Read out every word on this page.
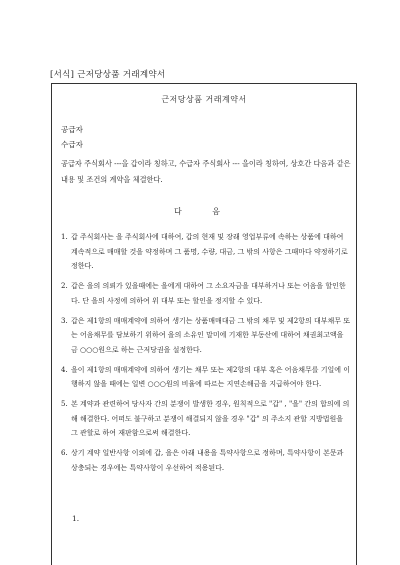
[서식] 근저당상품 거래계약서
근저당상품 거래계약서
공급자
수급자
공급자 주식회사 ---을 갑이라 칭하고, 수급자 주식회사 --- 을이라 칭하여, 상호간 다음과 같은 내용 및 조건의 계약을 체결한다.
다 음
1. 갑 주식회사는 을 주식회사에 대하여, 갑의 현재 및 장래 영업부류에 속하는 상품에 대하여 계속적으로 매매할 것을 약정하며 그 품명, 수량, 대금, 그 밖의 사항은 그때마다 약정하기로 정한다.
2. 갑은 을의 의뢰가 있을때에는 을에게 대하여 그 소요자금을 대부하거나 또는 어음을 할인한다. 단 을의 사정에 의하여 위 대부 또는 할인을 정지할 수 있다.
3. 갑은 제1항의 매매계약에 의하여 생기는 상품매매대금 그 밖의 채무 및 제2항의 대부채무 또는 어음채무를 담보하기 위하여 을의 소유인 말미에 기재한 부동산에 대하여 채권최고액을 금 ○○○원으로 하는 근저당권을 설정한다.
4. 을이 제1항의 매매계약에 의하여 생기는 채무 또는 제2항의 대부 혹은 어음채무를 기일에 이행하지 않을 때에는 일변 ○○○원의 비율에 따르는 지연손해금을 지급하여야 한다.
5. 본 계약과 관련하여 당사자 간의 분쟁이 발생한 경우, 원칙적으로 "갑" , "을" 간의 합의에 의해 해결한다. 어떠도 불구하고 분쟁이 해결되지 않을 경우 "갑" 의 주소지 관할 지방법원을 그 관할로 하여 재판함으로써 해결한다.
6. 상기 계약 일반사항 이외에 갑, 을은 아래 내용을 특약사항으로 정하며, 특약사항이 본문과 상충되는 경우에는 특약사항이 우선하여 적용된다.
1.
